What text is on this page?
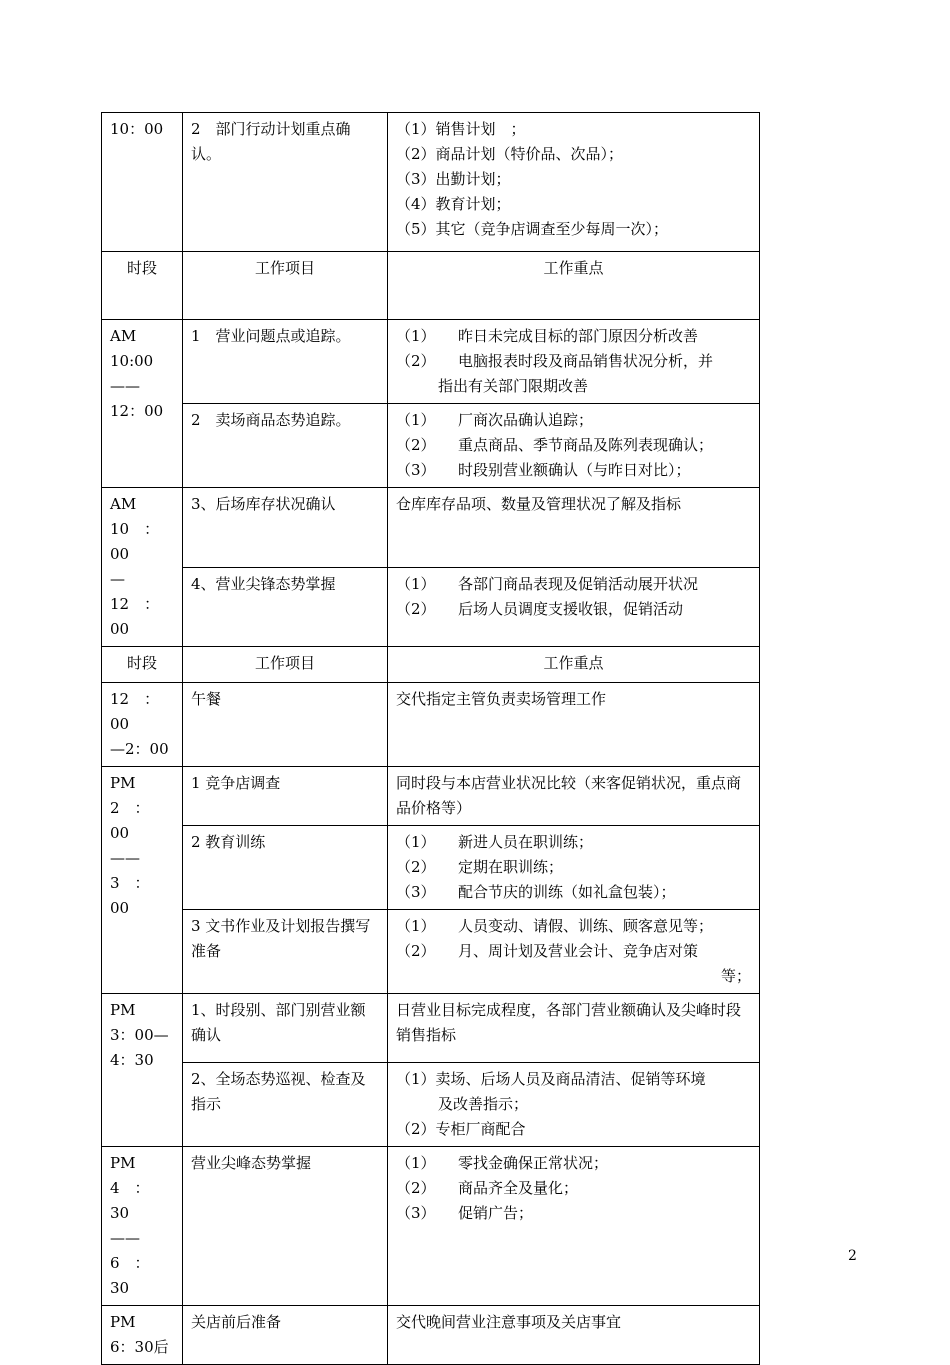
10：00	2　部门行动计划重点确认。	（1）销售计划　；
（2）商品计划（特价品、次品）；
（3）出勤计划；
（4）教育计划；
（5）其它（竞争店调查至少每周一次）；

时段	工作项目	工作重点

AM
10:00
——
12：00	1　营业问题点或追踪。	（1）　　昨日未完成目标的部门原因分析改善
（2）　　电脑报表时段及商品销售状况分析，并
指出有关部门限期改善

	2　卖场商品态势追踪。	（1）　　厂商次品确认追踪；
（2）　　重点商品、季节商品及陈列表现确认；
（3）　　时段别营业额确认（与昨日对比）；

AM
10　：　00
—12　：
00	3、后场库存状况确认	仓库库存品项、数量及管理状况了解及指标
	4、营业尖锋态势掌握	（1）　　各部门商品表现及促销活动展开状况
（2）　　后场人员调度支援收银，促销活动

时段	工作项目	工作重点

12　：　00
—2：00	午餐	交代指定主管负责卖场管理工作

PM
2　：　00
——3　：
00	1 竞争店调查	同时段与本店营业状况比较（来客促销状况，重点商品价格等）
	2 教育训练	（1）　　新进人员在职训练；
（2）　　定期在职训练；
（3）　　配合节庆的训练（如礼盒包装）；

	3 文书作业及计划报告撰写准备	（1）　　人员变动、请假、训练、顾客意见等；
（2）　　月、周计划及营业会计、竞争店对策
等；

PM
3：00—
4：30	1、时段别、部门别营业额确认	日营业目标完成程度，各部门营业额确认及尖峰时段销售指标
	2、全场态势巡视、检查及指示	（1）卖场、后场人员及商品清洁、促销等环境
及改善指示；
（2）专柜厂商配合

PM
4　：　30
——6　：
30	营业尖峰态势掌握	（1）　　零找金确保正常状况；
（2）　　商品齐全及量化；
（3）　　促销广告；

PM
6：30后	关店前后准备	交代晚间营业注意事项及关店事宜
2
